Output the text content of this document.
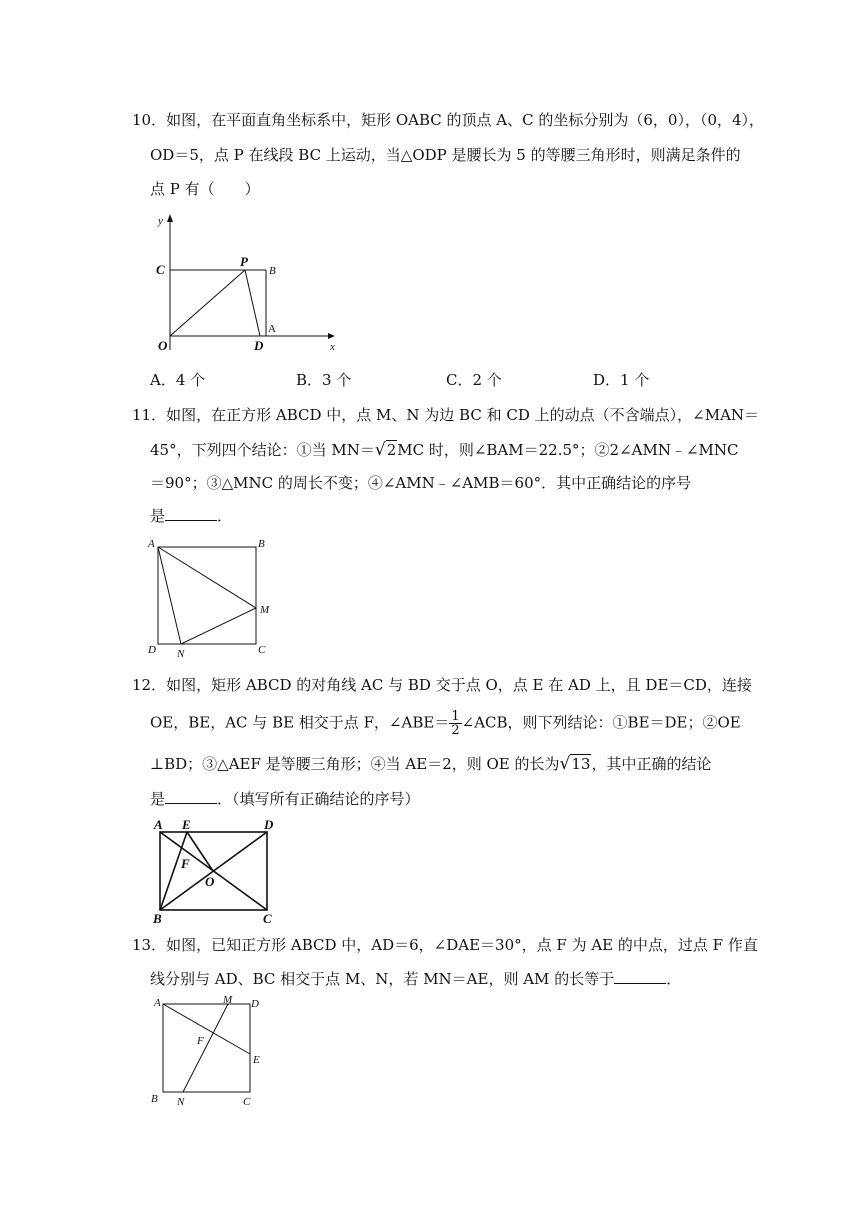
10．如图，在平面直角坐标系中，矩形 OABC 的顶点 A、C 的坐标分别为（6，0），（0，4），
OD＝5，点 P 在线段 BC 上运动，当△ODP 是腰长为 5 的等腰三角形时，则满足条件的
点 P 有（　　）
y
x
C
P
B
A
O	D
A．4 个	B．3 个	C．2 个	D．1 个
11．如图，在正方形 ABCD 中，点 M、N 为边 BC 和 CD 上的动点（不含端点），∠MAN＝
45°，下列四个结论：①当 MN＝√2MC 时，则∠BAM＝22.5°；②2∠AMN﹣∠MNC
＝90°；③△MNC 的周长不变；④∠AMN﹣∠AMB＝60°．其中正确结论的序号
是	．
A	B
M
D N	C
12．如图，矩形 ABCD 的对角线 AC 与 BD 交于点 O，点 E 在 AD 上，且 DE＝CD，连接
OE，BE，AC 与 BE 相交于点 F，∠ABE＝ $\frac{1}{2}$ ∠ACB，则下列结论：①BE＝DE；②OE
⊥BD；③△AEF 是等腰三角形；④当 AE＝2，则 OE 的长为√13，其中正确的结论
是	．（填写所有正确结论的序号）
A E	D
F
O
B	C
13．如图，已知正方形 ABCD 中，AD＝6，∠DAE＝30°，点 F 为 AE 的中点，过点 F 作直
线分别与 AD、BC 相交于点 M、N，若 MN＝AE，则 AM 的长等于	．
A	M D
F
E
B N	C
